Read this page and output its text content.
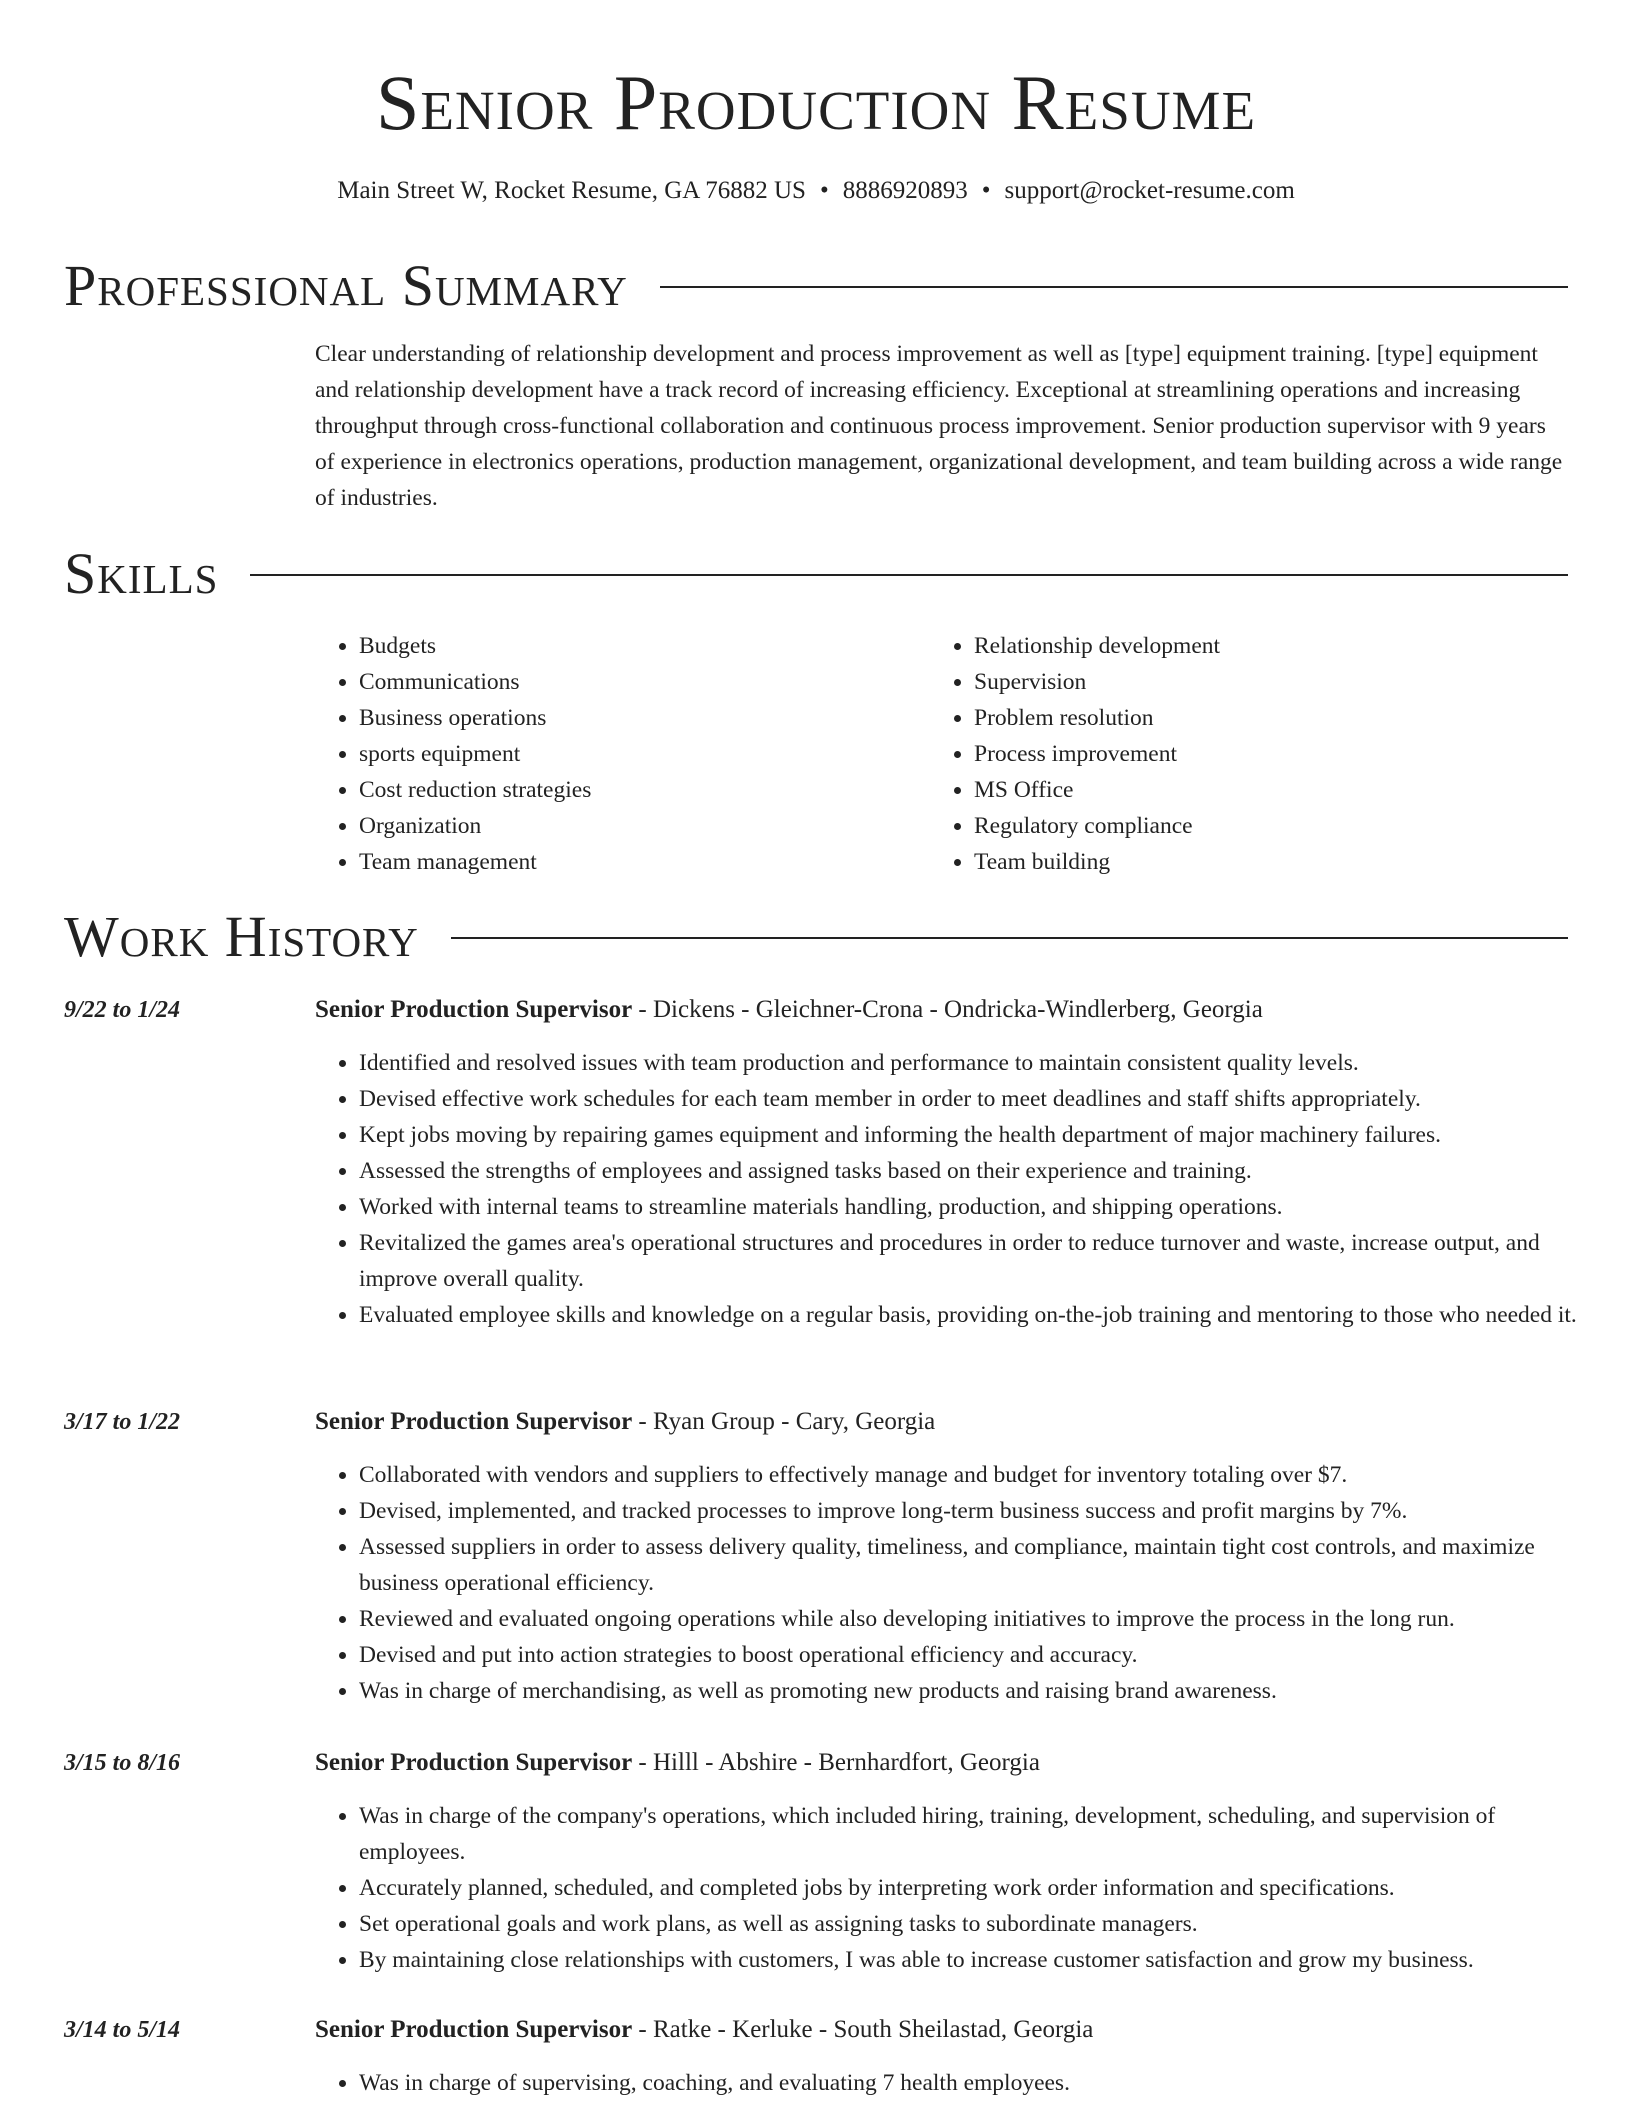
Senior Production Resume
Main Street W, Rocket Resume, GA 76882 US • 8886920893 • support@rocket-resume.com
Professional Summary

Clear understanding of relationship development and process improvement as well as [type] equipment training. [type] equipment and relationship development have a track record of increasing efficiency. Exceptional at streamlining operations and increasing throughput through cross-functional collaboration and continuous process improvement. Senior production supervisor with 9 years of experience in electronics operations, production management, organizational development, and team building across a wide range of industries.

Skills
• Budgets
• Communications
• Business operations
• sports equipment
• Cost reduction strategies
• Organization
• Team management
• Relationship development
• Supervision
• Problem resolution
• Process improvement
• MS Office
• Regulatory compliance
• Team building
Work History
9/22 to 1/24	Senior Production Supervisor - Dickens - Gleichner-Crona - Ondricka-Windlerberg, Georgia
• Identified and resolved issues with team production and performance to maintain consistent quality levels.
• Devised effective work schedules for each team member in order to meet deadlines and staff shifts appropriately.
• Kept jobs moving by repairing games equipment and informing the health department of major machinery failures.
• Assessed the strengths of employees and assigned tasks based on their experience and training.
• Worked with internal teams to streamline materials handling, production, and shipping operations.
• Revitalized the games area's operational structures and procedures in order to reduce turnover and waste, increase output, and improve overall quality.
• Evaluated employee skills and knowledge on a regular basis, providing on-the-job training and mentoring to those who needed it.
3/17 to 1/22	Senior Production Supervisor - Ryan Group - Cary, Georgia
• Collaborated with vendors and suppliers to effectively manage and budget for inventory totaling over $7.
• Devised, implemented, and tracked processes to improve long-term business success and profit margins by 7%.
• Assessed suppliers in order to assess delivery quality, timeliness, and compliance, maintain tight cost controls, and maximize business operational efficiency.
• Reviewed and evaluated ongoing operations while also developing initiatives to improve the process in the long run.
• Devised and put into action strategies to boost operational efficiency and accuracy.
• Was in charge of merchandising, as well as promoting new products and raising brand awareness.
3/15 to 8/16	Senior Production Supervisor - Hilll - Abshire - Bernhardfort, Georgia
• Was in charge of the company's operations, which included hiring, training, development, scheduling, and supervision of employees.
• Accurately planned, scheduled, and completed jobs by interpreting work order information and specifications.
• Set operational goals and work plans, as well as assigning tasks to subordinate managers.
• By maintaining close relationships with customers, I was able to increase customer satisfaction and grow my business.
3/14 to 5/14	Senior Production Supervisor - Ratke - Kerluke - South Sheilastad, Georgia
• Was in charge of supervising, coaching, and evaluating 7 health employees.
